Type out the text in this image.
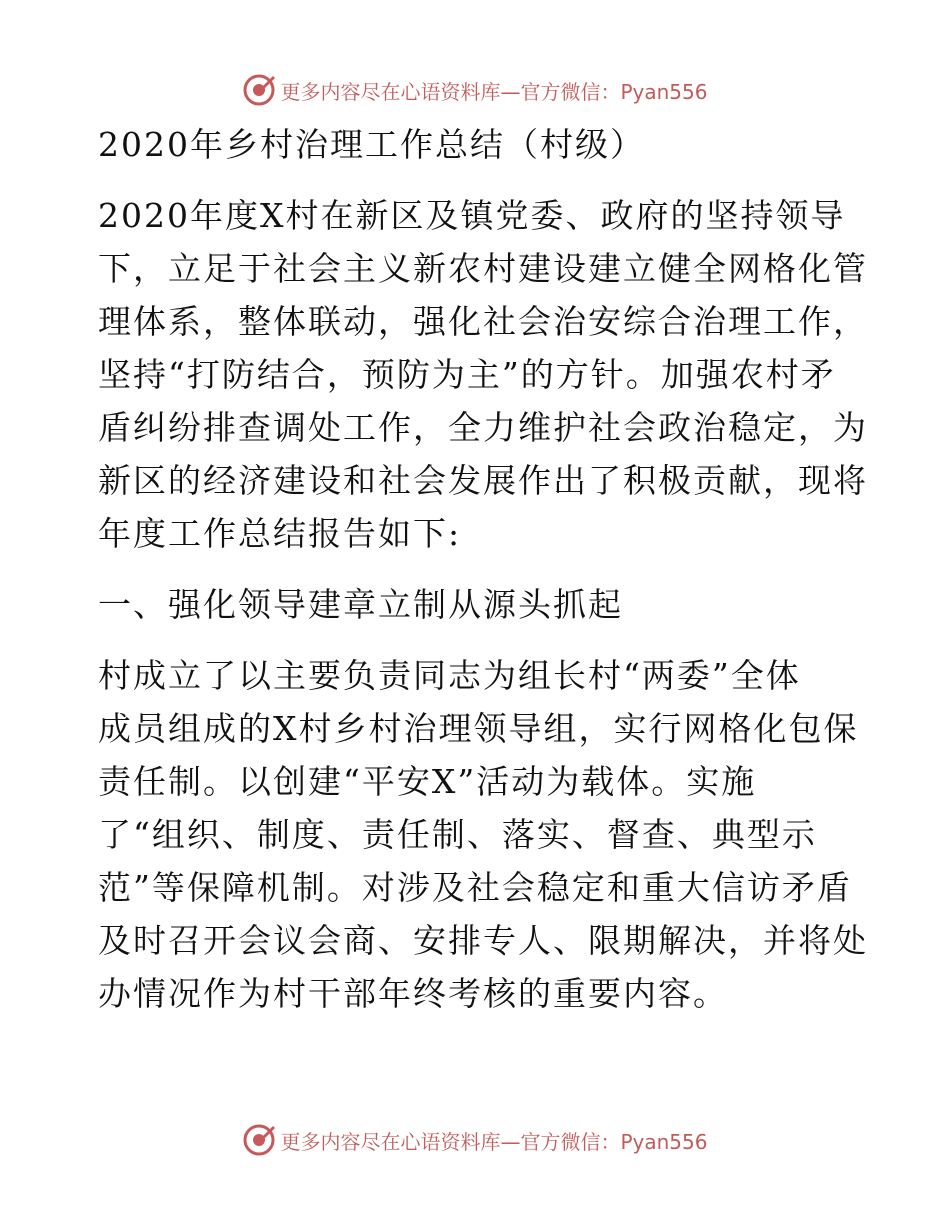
更多内容尽在心语资料库—官方微信：Pyan556
2020年乡村治理工作总结（村级）
2020年度X村在新区及镇党委、政府的坚持领导
下，立足于社会主义新农村建设建立健全网格化管
理体系，整体联动，强化社会治安综合治理工作，
坚持“打防结合，预防为主”的方针。加强农村矛
盾纠纷排查调处工作，全力维护社会政治稳定，为
新区的经济建设和社会发展作出了积极贡献，现将
年度工作总结报告如下:
一、强化领导建章立制从源头抓起
村成立了以主要负责同志为组长村“两委”全体
成员组成的X村乡村治理领导组，实行网格化包保
责任制。以创建“平安X”活动为载体。实施
了“组织、制度、责任制、落实、督查、典型示
范”等保障机制。对涉及社会稳定和重大信访矛盾
及时召开会议会商、安排专人、限期解决，并将处
办情况作为村干部年终考核的重要内容。
更多内容尽在心语资料库—官方微信：Pyan556
